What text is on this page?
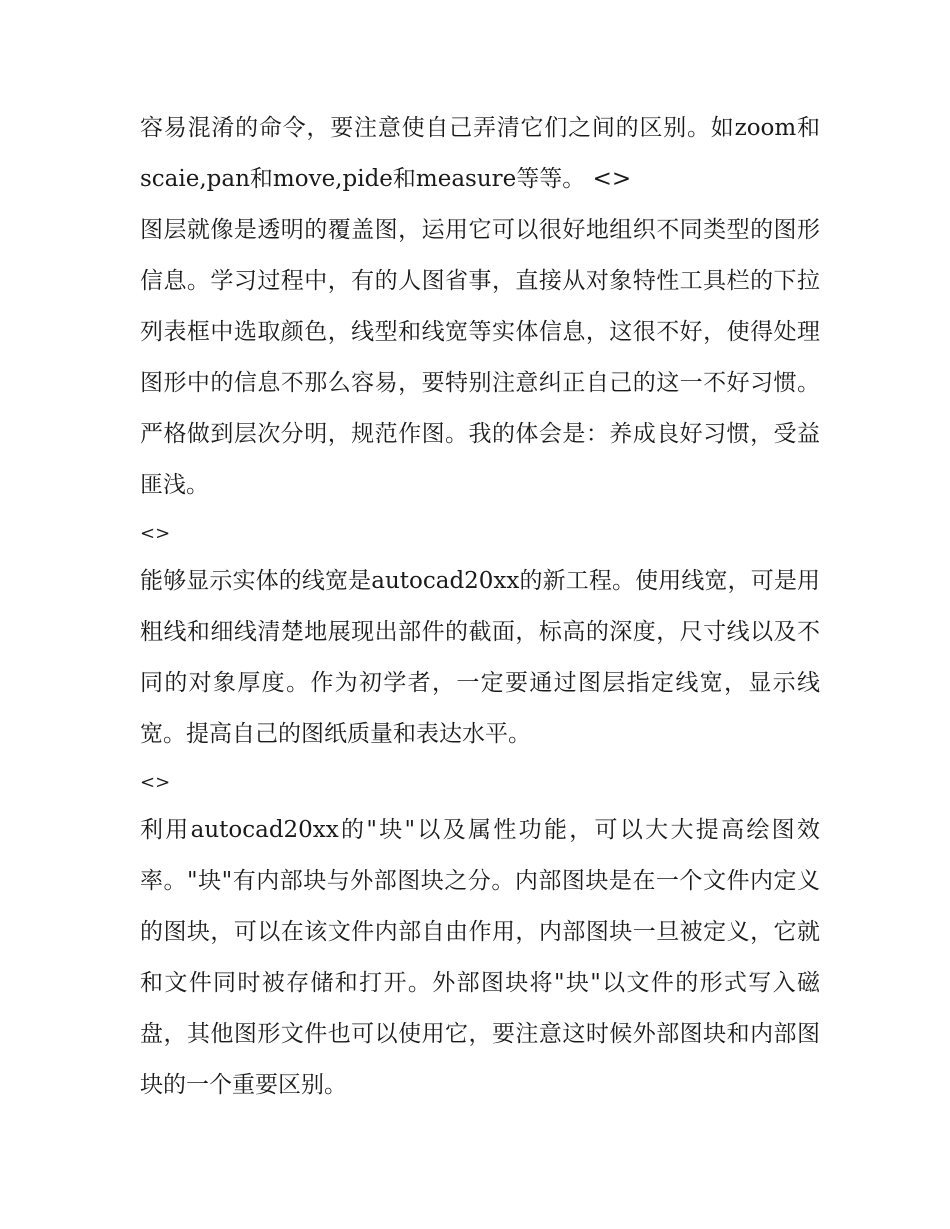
容易混淆的命令，要注意使自己弄清它们之间的区别。如zoom和scaie,pan和move,pide和measure等等。 <>

图层就像是透明的覆盖图，运用它可以很好地组织不同类型的图形信息。学习过程中，有的人图省事，直接从对象特性工具栏的下拉列表框中选取颜色，线型和线宽等实体信息，这很不好，使得处理图形中的信息不那么容易，要特别注意纠正自己的这一不好习惯。严格做到层次分明，规范作图。我的体会是：养成良好习惯，受益匪浅。

<>

能够显示实体的线宽是autocad20xx的新工程。使用线宽，可是用粗线和细线清楚地展现出部件的截面，标高的深度，尺寸线以及不同的对象厚度。作为初学者，一定要通过图层指定线宽，显示线宽。提高自己的图纸质量和表达水平。

<>

利用autocad20xx的"块"以及属性功能，可以大大提高绘图效率。"块"有内部块与外部图块之分。内部图块是在一个文件内定义的图块，可以在该文件内部自由作用，内部图块一旦被定义，它就和文件同时被存储和打开。外部图块将"块"以文件的形式写入磁盘，其他图形文件也可以使用它，要注意这时候外部图块和内部图块的一个重要区别。
